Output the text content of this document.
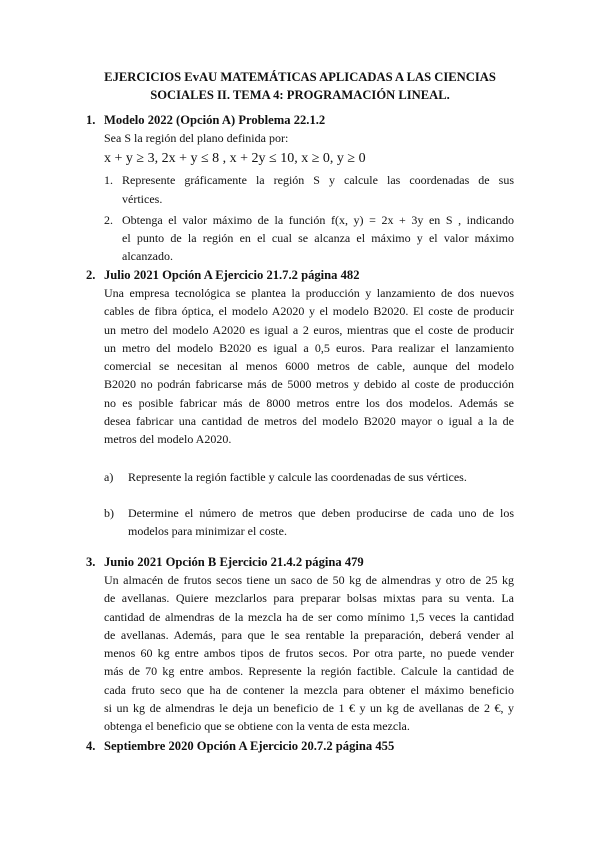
EJERCICIOS EvAU MATEMÁTICAS APLICADAS A LAS CIENCIAS
SOCIALES II. TEMA 4: PROGRAMACIÓN LINEAL.
1. Modelo 2022 (Opción A) Problema 22.1.2
Sea S la región del plano definida por:
x + y ≥ 3, 2x + y ≤ 8 , x + 2y ≤ 10, x ≥ 0, y ≥ 0
1. Represente gráficamente la región S y calcule las coordenadas de sus
vértices.
2. Obtenga el valor máximo de la función f(x, y) = 2x + 3y en S , indicando
el punto de la región en el cual se alcanza el máximo y el valor máximo
alcanzado.
2. Julio 2021 Opción A Ejercicio 21.7.2 página 482
Una empresa tecnológica se plantea la producción y lanzamiento de dos nuevos
cables de fibra óptica, el modelo A2020 y el modelo B2020. El coste de producir
un metro del modelo A2020 es igual a 2 euros, mientras que el coste de producir
un metro del modelo B2020 es igual a 0,5 euros. Para realizar el lanzamiento
comercial se necesitan al menos 6000 metros de cable, aunque del modelo
B2020 no podrán fabricarse más de 5000 metros y debido al coste de producción
no es posible fabricar más de 8000 metros entre los dos modelos. Además se
desea fabricar una cantidad de metros del modelo B2020 mayor o igual a la de
metros del modelo A2020.
a) Represente la región factible y calcule las coordenadas de sus vértices.
b) Determine el número de metros que deben producirse de cada uno de los
modelos para minimizar el coste.
3. Junio 2021 Opción B Ejercicio 21.4.2 página 479
Un almacén de frutos secos tiene un saco de 50 kg de almendras y otro de 25 kg
de avellanas. Quiere mezclarlos para preparar bolsas mixtas para su venta. La
cantidad de almendras de la mezcla ha de ser como mínimo 1,5 veces la cantidad
de avellanas. Además, para que le sea rentable la preparación, deberá vender al
menos 60 kg entre ambos tipos de frutos secos. Por otra parte, no puede vender
más de 70 kg entre ambos. Represente la región factible. Calcule la cantidad de
cada fruto seco que ha de contener la mezcla para obtener el máximo beneficio
si un kg de almendras le deja un beneficio de 1 € y un kg de avellanas de 2 €, y
obtenga el beneficio que se obtiene con la venta de esta mezcla.
4. Septiembre 2020 Opción A Ejercicio 20.7.2 página 455
